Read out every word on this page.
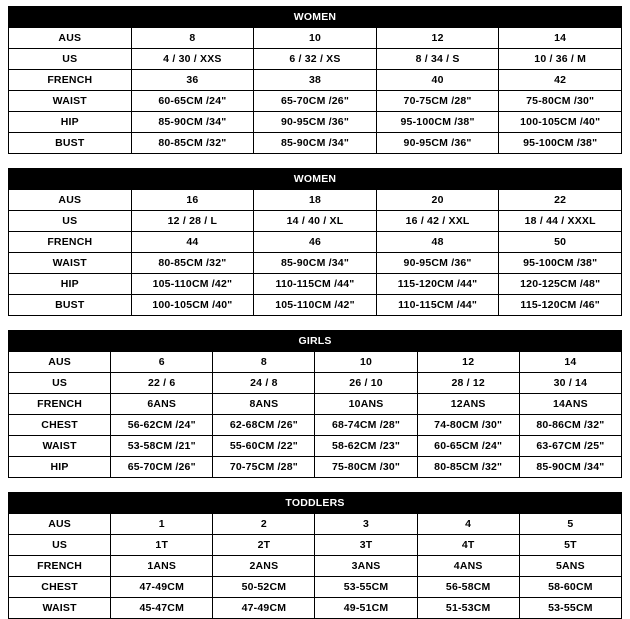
WOMEN				
AUS	8	10	12	14
US	4 / 30 / XXS	6 / 32 / XS	8 / 34 / S	10 / 36 / M
FRENCH	36	38	40	42
WAIST	60-65CM /24"	65-70CM /26"	70-75CM /28"	75-80CM /30"
HIP	85-90CM /34"	90-95CM /36"	95-100CM /38"	100-105CM /40"
BUST	80-85CM /32"	85-90CM /34"	90-95CM /36"	95-100CM /38"
WOMEN				
AUS	16	18	20	22
US	12 / 28 / L	14 / 40 / XL	16 / 42 / XXL	18 / 44 / XXXL
FRENCH	44	46	48	50
WAIST	80-85CM /32"	85-90CM /34"	90-95CM /36"	95-100CM /38"
HIP	105-110CM /42"	110-115CM /44"	115-120CM /44"	120-125CM /48"
BUST	100-105CM /40"	105-110CM /42"	110-115CM /44"	115-120CM /46"
GIRLS					
AUS	6	8	10	12	14
US	22 / 6	24 / 8	26 / 10	28 / 12	30 / 14
FRENCH	6ANS	8ANS	10ANS	12ANS	14ANS
CHEST	56-62CM /24"	62-68CM /26"	68-74CM /28"	74-80CM /30"	80-86CM /32"
WAIST	53-58CM /21"	55-60CM /22"	58-62CM /23"	60-65CM /24"	63-67CM /25"
HIP	65-70CM /26"	70-75CM /28"	75-80CM /30"	80-85CM /32"	85-90CM /34"
TODDLERS					
AUS	1	2	3	4	5
US	1T	2T	3T	4T	5T
FRENCH	1ANS	2ANS	3ANS	4ANS	5ANS
CHEST	47-49CM	50-52CM	53-55CM	56-58CM	58-60CM
WAIST	45-47CM	47-49CM	49-51CM	51-53CM	53-55CM
